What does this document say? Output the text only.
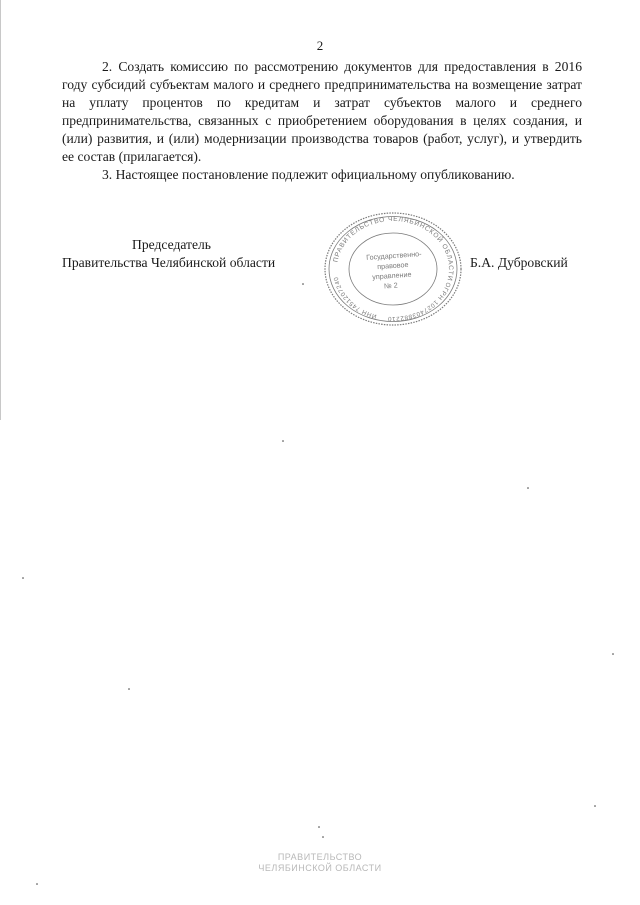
2

2. Создать комиссию по рассмотрению документов для предоставления в 2016 году субсидий субъектам малого и среднего предпринимательства на возмещение затрат на уплату процентов по кредитам и затрат субъектов малого и среднего предпринимательства, связанных с приобретением оборудования в целях создания, и (или) развития, и (или) модернизации производства товаров (работ, услуг), и утвердить ее состав (прилагается).

3. Настоящее постановление подлежит официальному опубликованию.

Председатель
Правительства Челябинской области	ПРАВИТЕЛЬСТВО ЧЕЛЯБИНСКОЙ ОБЛАСТИ
ОГРН 1027403882210
ИНН 7451207240
Государственно-
правовое
управление
№ 2
Б.А. Дубровский
ПРАВИТЕЛЬСТВО
ЧЕЛЯБИНСКОЙ ОБЛАСТИ
